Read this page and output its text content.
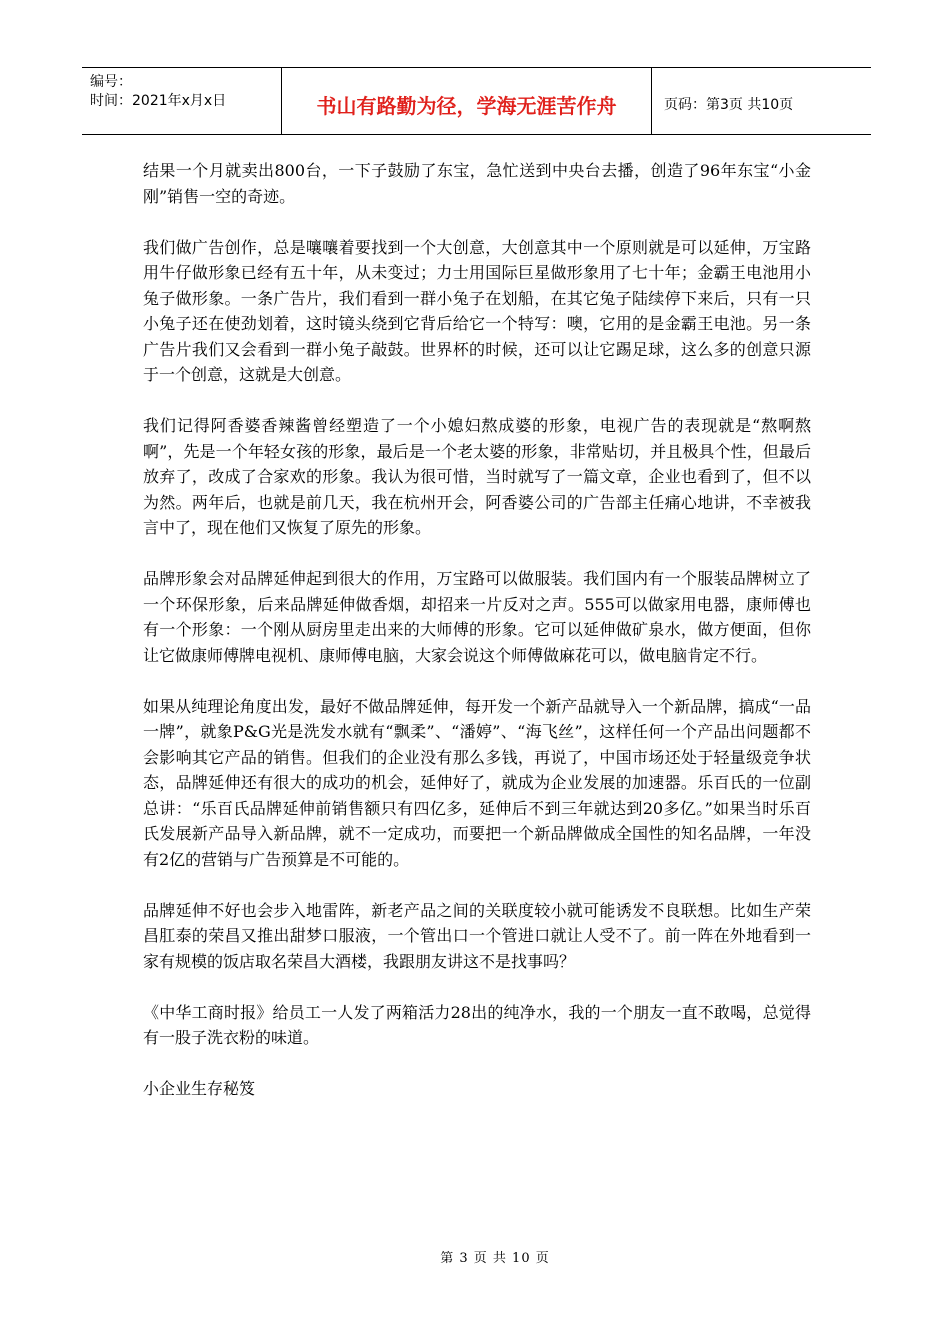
编号：
时间：2021年x月x日	书山有路勤为径，学海无涯苦作舟	页码：第3页 共10页

结果一个月就卖出800台，一下子鼓励了东宝，急忙送到中央台去播，创造了96年东宝“小金刚”销售一空的奇迹。

我们做广告创作，总是嚷嚷着要找到一个大创意，大创意其中一个原则就是可以延伸，万宝路用牛仔做形象已经有五十年，从未变过；力士用国际巨星做形象用了七十年；金霸王电池用小兔子做形象。一条广告片，我们看到一群小兔子在划船，在其它兔子陆续停下来后，只有一只小兔子还在使劲划着，这时镜头绕到它背后给它一个特写：噢，它用的是金霸王电池。另一条广告片我们又会看到一群小兔子敲鼓。世界杯的时候，还可以让它踢足球，这么多的创意只源于一个创意，这就是大创意。

我们记得阿香婆香辣酱曾经塑造了一个小媳妇熬成婆的形象，电视广告的表现就是“熬啊熬啊”，先是一个年轻女孩的形象，最后是一个老太婆的形象，非常贴切，并且极具个性，但最后放弃了，改成了合家欢的形象。我认为很可惜，当时就写了一篇文章，企业也看到了，但不以为然。两年后，也就是前几天，我在杭州开会，阿香婆公司的广告部主任痛心地讲，不幸被我言中了，现在他们又恢复了原先的形象。

品牌形象会对品牌延伸起到很大的作用，万宝路可以做服装。我们国内有一个服装品牌树立了一个环保形象，后来品牌延伸做香烟，却招来一片反对之声。555可以做家用电器，康师傅也有一个形象：一个刚从厨房里走出来的大师傅的形象。它可以延伸做矿泉水，做方便面，但你让它做康师傅牌电视机、康师傅电脑，大家会说这个师傅做麻花可以，做电脑肯定不行。

如果从纯理论角度出发，最好不做品牌延伸，每开发一个新产品就导入一个新品牌，搞成“一品一牌”，就象P&G光是洗发水就有“飘柔”、“潘婷”、“海飞丝”，这样任何一个产品出问题都不会影响其它产品的销售。但我们的企业没有那么多钱，再说了，中国市场还处于轻量级竞争状态，品牌延伸还有很大的成功的机会，延伸好了，就成为企业发展的加速器。乐百氏的一位副总讲：“乐百氏品牌延伸前销售额只有四亿多，延伸后不到三年就达到20多亿。”如果当时乐百氏发展新产品导入新品牌，就不一定成功，而要把一个新品牌做成全国性的知名品牌，一年没有2亿的营销与广告预算是不可能的。

品牌延伸不好也会步入地雷阵，新老产品之间的关联度较小就可能诱发不良联想。比如生产荣昌肛泰的荣昌又推出甜梦口服液，一个管出口一个管进口就让人受不了。前一阵在外地看到一家有规模的饭店取名荣昌大酒楼，我跟朋友讲这不是找事吗？

《中华工商时报》给员工一人发了两箱活力28出的纯净水，我的一个朋友一直不敢喝，总觉得有一股子洗衣粉的味道。

小企业生存秘笈

第 3 页 共 10 页
